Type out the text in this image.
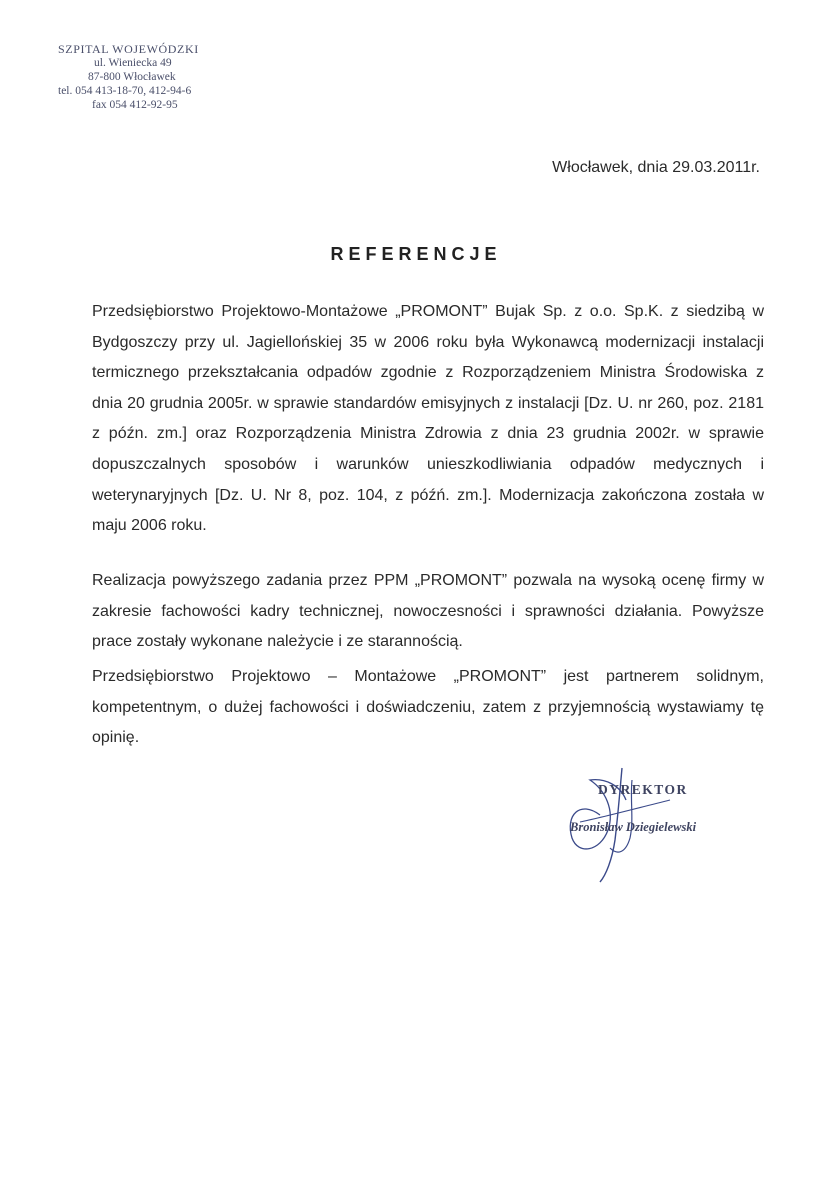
SZPITAL WOJEWÓDZKI
ul. Wienieckа 49
87-800 Włocławek
tel. 054 413-18-70, 412-94-6
fax 054 412-92-95
Włocławek, dnia 29.03.2011r.
REFERENCJE
Przedsiębiorstwo Projektowo-Montażowe „PROMONT” Bujak Sp. z o.o. Sp.K. z siedzibą w Bydgoszczy przy ul. Jagiellońskiej 35 w 2006 roku była Wykonawcą modernizacji instalacji termicznego przekształcania odpadów zgodnie z Rozporządzeniem Ministra Środowiska z dnia 20 grudnia 2005r. w sprawie standardów emisyjnych z instalacji [Dz. U. nr 260, poz. 2181 z późn. zm.] oraz Rozporządzenia Ministra Zdrowia z dnia 23 grudnia 2002r. w sprawie dopuszczalnych sposobów i warunków unieszkodliwiania odpadów medycznych i weterynaryjnych [Dz. U. Nr 8, poz. 104, z późń. zm.]. Modernizacja zakończona została w maju 2006 roku.
Realizacja powyższego zadania przez PPM „PROMONT” pozwala na wysoką ocenę firmy w zakresie fachowości kadry technicznej, nowoczesności i sprawności działania. Powyższe prace zostały wykonane należycie i ze starannością.
Przedsiębiorstwo Projektowo – Montażowe „PROMONT” jest partnerem solidnym, kompetentnym, o dużej fachowości i doświadczeniu, zatem z przyjemnością wystawiamy tę opinię.
DYREKTOR
Bronisław Dziegielewski
